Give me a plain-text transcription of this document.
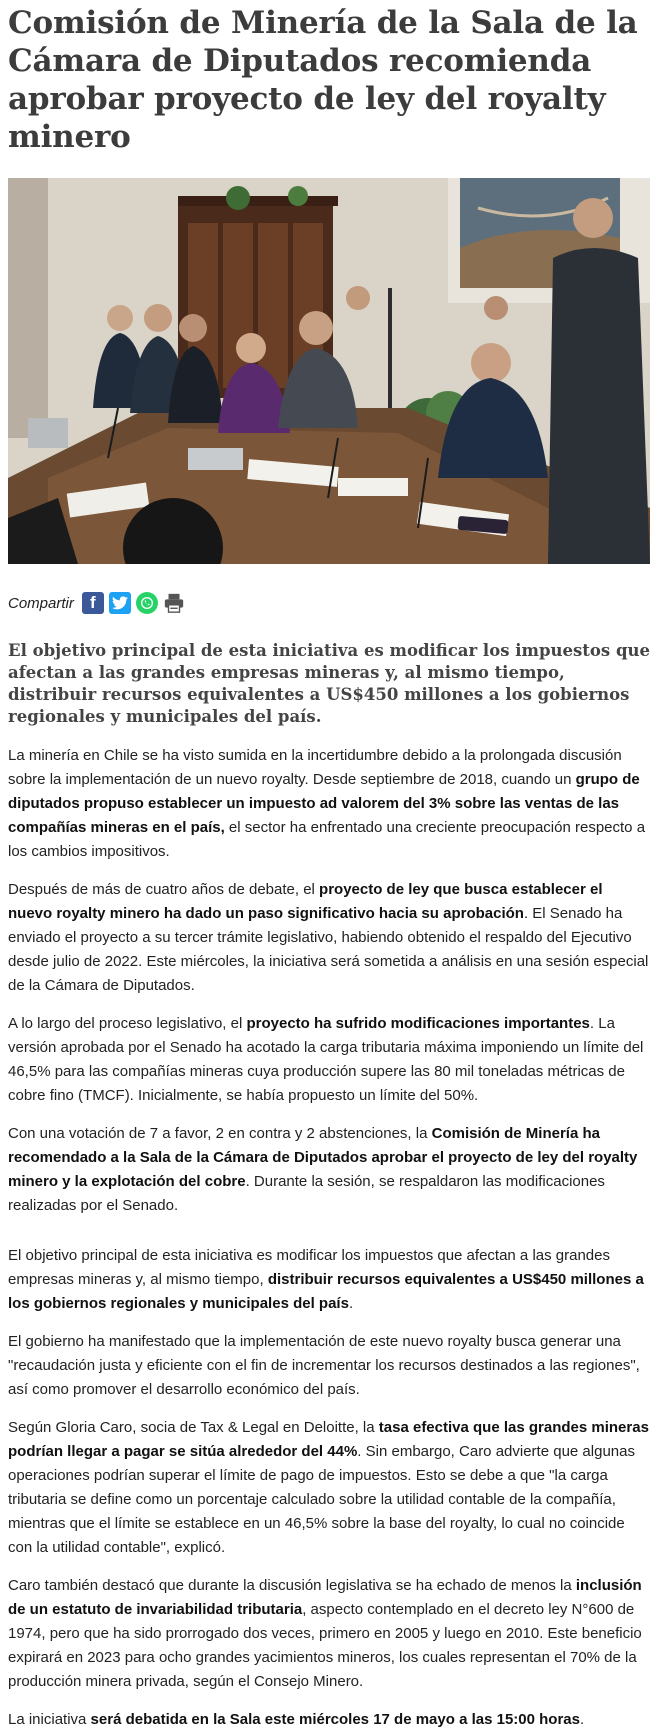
Comisión de Minería de la Sala de la Cámara de Diputados recomienda aprobar proyecto de ley del royalty minero
Compartir f

El objetivo principal de esta iniciativa es modificar los impuestos que afectan a las grandes empresas mineras y, al mismo tiempo, distribuir recursos equivalentes a US$450 millones a los gobiernos regionales y municipales del país.

La minería en Chile se ha visto sumida en la incertidumbre debido a la prolongada discusión sobre la implementación de un nuevo royalty. Desde septiembre de 2018, cuando un grupo de diputados propuso establecer un impuesto ad valorem del 3% sobre las ventas de las compañías mineras en el país, el sector ha enfrentado una creciente preocupación respecto a los cambios impositivos.

Después de más de cuatro años de debate, el proyecto de ley que busca establecer el nuevo royalty minero ha dado un paso significativo hacia su aprobación. El Senado ha enviado el proyecto a su tercer trámite legislativo, habiendo obtenido el respaldo del Ejecutivo desde julio de 2022. Este miércoles, la iniciativa será sometida a análisis en una sesión especial de la Cámara de Diputados.

A lo largo del proceso legislativo, el proyecto ha sufrido modificaciones importantes. La versión aprobada por el Senado ha acotado la carga tributaria máxima imponiendo un límite del 46,5% para las compañías mineras cuya producción supere las 80 mil toneladas métricas de cobre fino (TMCF). Inicialmente, se había propuesto un límite del 50%.

Con una votación de 7 a favor, 2 en contra y 2 abstenciones, la Comisión de Minería ha recomendado a la Sala de la Cámara de Diputados aprobar el proyecto de ley del royalty minero y la explotación del cobre. Durante la sesión, se respaldaron las modificaciones realizadas por el Senado.

El objetivo principal de esta iniciativa es modificar los impuestos que afectan a las grandes empresas mineras y, al mismo tiempo, distribuir recursos equivalentes a US$450 millones a los gobiernos regionales y municipales del país.

El gobierno ha manifestado que la implementación de este nuevo royalty busca generar una "recaudación justa y eficiente con el fin de incrementar los recursos destinados a las regiones", así como promover el desarrollo económico del país.

Según Gloria Caro, socia de Tax & Legal en Deloitte, la tasa efectiva que las grandes mineras podrían llegar a pagar se sitúa alrededor del 44%. Sin embargo, Caro advierte que algunas operaciones podrían superar el límite de pago de impuestos. Esto se debe a que "la carga tributaria se define como un porcentaje calculado sobre la utilidad contable de la compañía, mientras que el límite se establece en un 46,5% sobre la base del royalty, lo cual no coincide con la utilidad contable", explicó.

Caro también destacó que durante la discusión legislativa se ha echado de menos la inclusión de un estatuto de invariabilidad tributaria, aspecto contemplado en el decreto ley N°600 de 1974, pero que ha sido prorrogado dos veces, primero en 2005 y luego en 2010. Este beneficio expirará en 2023 para ocho grandes yacimientos mineros, los cuales representan el 70% de la producción minera privada, según el Consejo Minero.

La iniciativa será debatida en la Sala este miércoles 17 de mayo a las 15:00 horas.
